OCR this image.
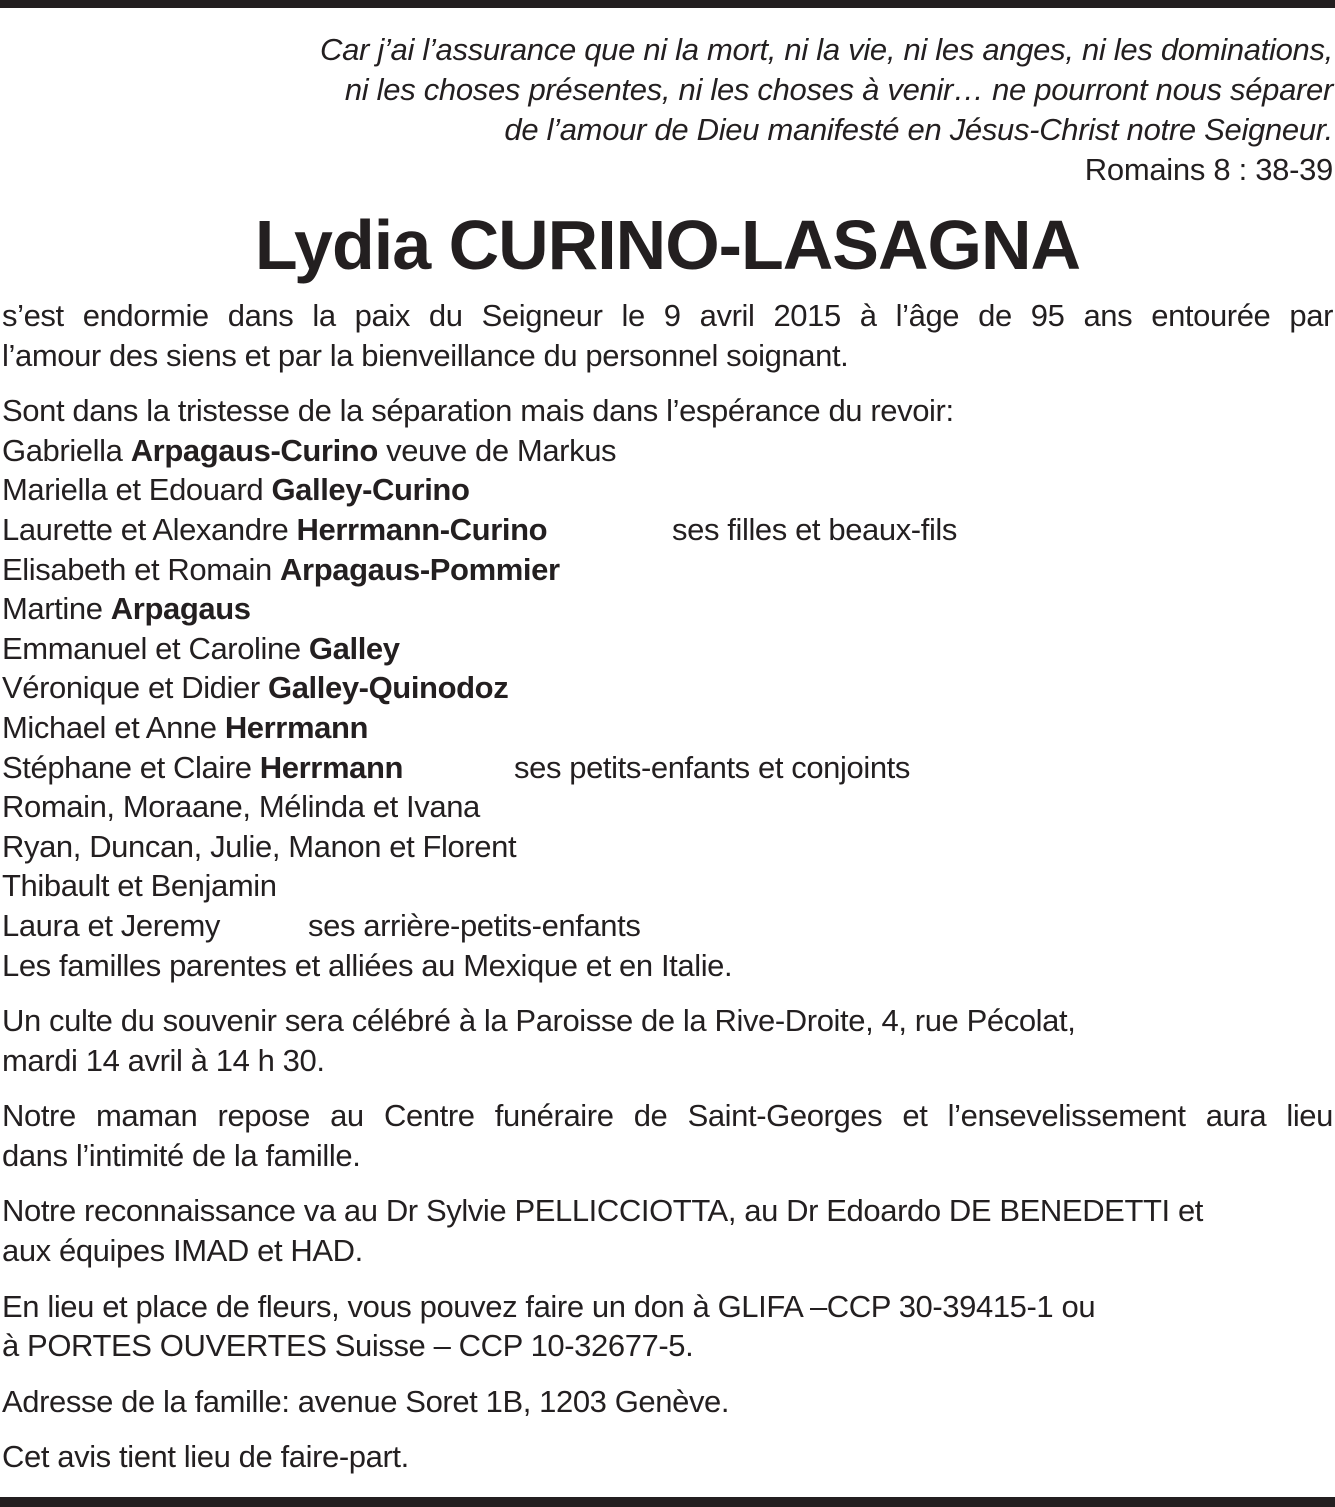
Car j’ai l’assurance que ni la mort, ni la vie, ni les anges, ni les dominations,
ni les choses présentes, ni les choses à venir… ne pourront nous séparer
de l’amour de Dieu manifesté en Jésus-Christ notre Seigneur.
Romains 8 : 38-39
Lydia CURINO-LASAGNA
s’est endormie dans la paix du Seigneur le 9 avril 2015 à l’âge de 95 ans entourée par
l’amour des siens et par la bienveillance du personnel soignant.
Sont dans la tristesse de la séparation mais dans l’espérance du revoir:
Gabriella Arpagaus-Curino veuve de Markus
Mariella et Edouard Galley-Curino
Laurette et Alexandre Herrmann-Curino
Elisabeth et Romain Arpagaus-Pommier
Martine Arpagaus
Emmanuel et Caroline Galley
Véronique et Didier Galley-Quinodoz
Michael et Anne Herrmann
Stéphane et Claire Herrmann
Romain, Moraane, Mélinda et Ivana
Ryan, Duncan, Julie, Manon et Florent
Thibault et Benjamin
Laura et Jeremy
Les familles parentes et alliées au Mexique et en Italie.
ses filles et beaux-fils
ses petits-enfants et conjoints
ses arrière-petits-enfants
Un culte du souvenir sera célébré à la Paroisse de la Rive-Droite, 4, rue Pécolat,
mardi 14 avril à 14 h 30.
Notre maman repose au Centre funéraire de Saint-Georges et l’ensevelissement aura lieu
dans l’intimité de la famille.
Notre reconnaissance va au Dr Sylvie PELLICCIOTTA, au Dr Edoardo DE BENEDETTI et
aux équipes IMAD et HAD.
En lieu et place de fleurs, vous pouvez faire un don à GLIFA –CCP 30-39415-1 ou
à PORTES OUVERTES Suisse – CCP 10-32677-5.
Adresse de la famille: avenue Soret 1B, 1203 Genève.
Cet avis tient lieu de faire-part.
